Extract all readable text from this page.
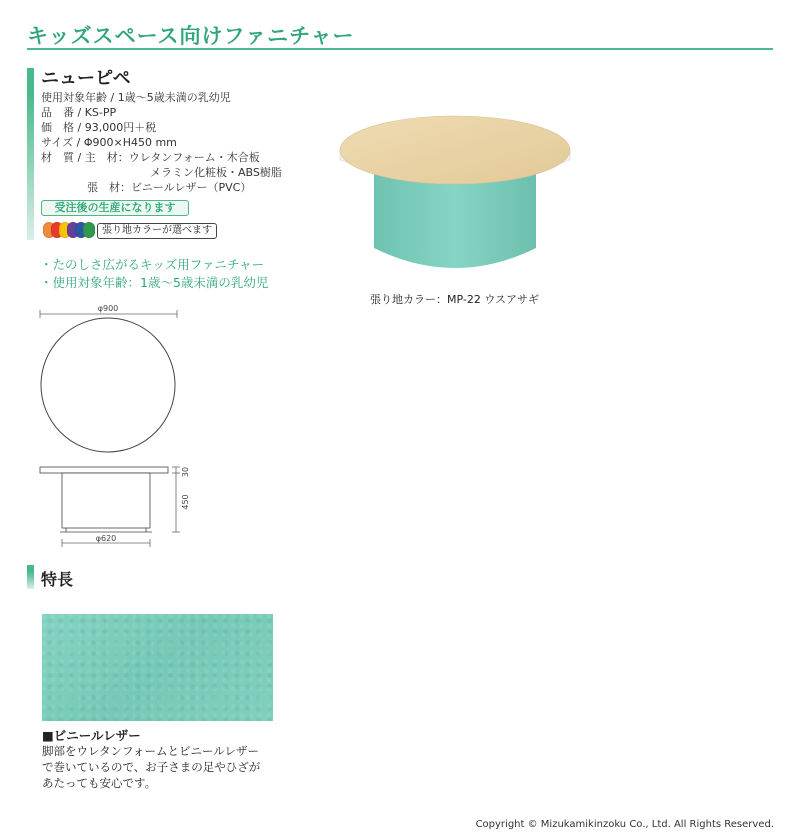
キッズスペース向けファニチャー
ニューピペ
使用対象年齢 / 1歳〜5歳未満の乳幼児
品　番 / KS-PP
価　格 / 93,000円＋税
サイズ / Φ900×H450 mm
材　質 / 主　材：ウレタンフォーム・木合板
メラミン化粧板・ABS樹脂
張　材：ビニールレザー（PVC）
受注後の生産になります
張り地カラーが選べます
・たのしさ広がるキッズ用ファニチャー
・使用対象年齢：1歳〜5歳未満の乳幼児
張り地カラー：MP-22 ウスアサギ
φ900
30
450
φ620
特長
■ビニールレザー
脚部をウレタンフォームとビニールレザー
で巻いているので、お子さまの足やひざが
あたっても安心です。
Copyright © Mizukamikinzoku Co., Ltd. All Rights Reserved.
